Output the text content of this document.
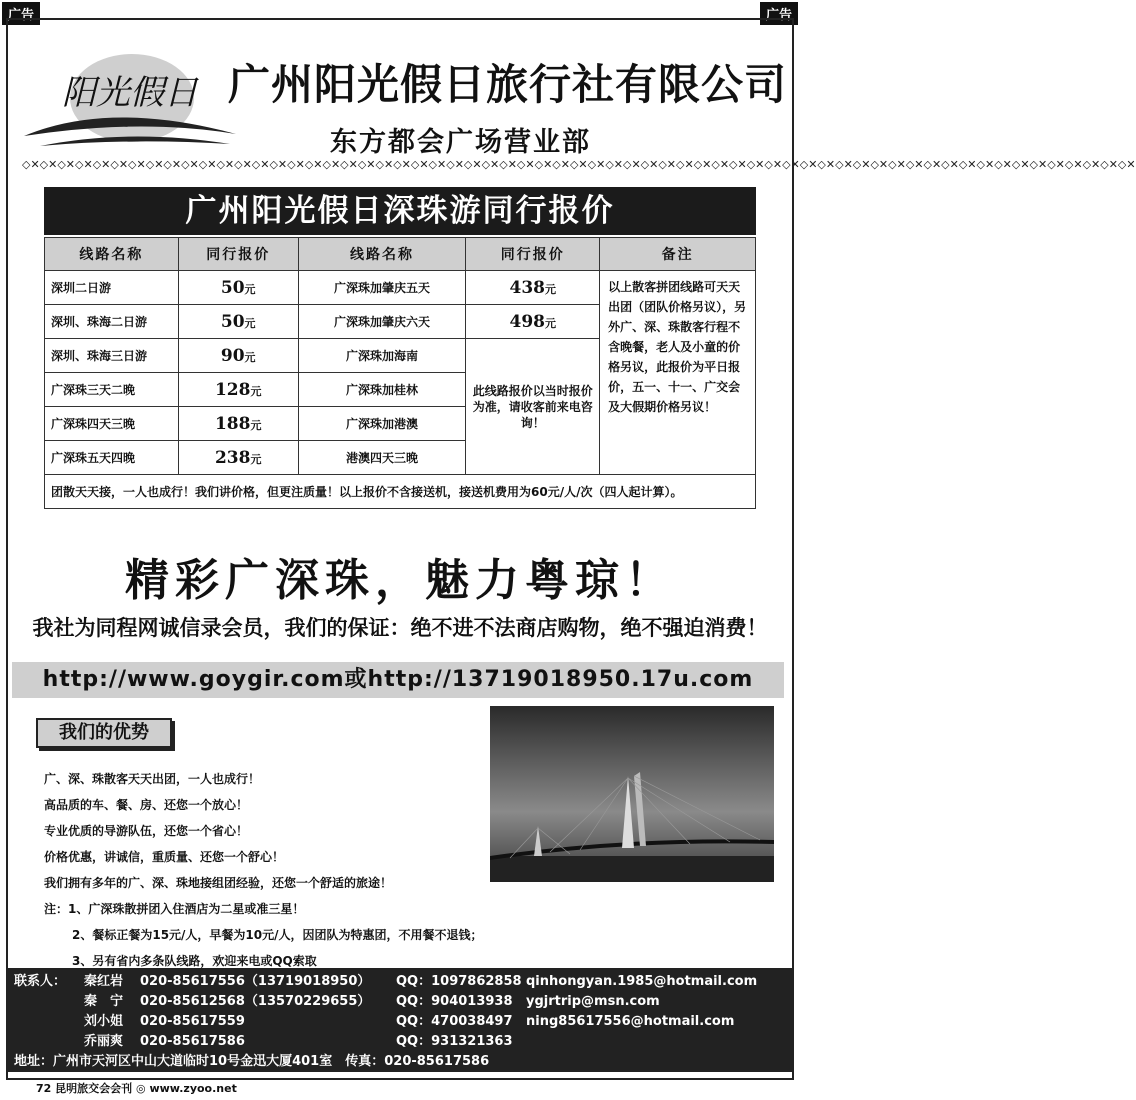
广告	广告
阳光假日 广州阳光假日旅行社有限公司
东方都会广场营业部
◇✕◇✕◇✕◇✕◇✕◇✕◇✕◇✕◇✕◇✕◇✕◇✕◇✕◇✕◇✕◇✕◇✕◇✕◇✕◇✕◇✕◇✕◇✕◇✕◇✕◇✕◇✕◇✕◇✕◇✕◇✕◇✕◇✕◇✕◇✕◇✕◇✕◇✕◇✕◇✕◇✕◇✕◇✕◇✕◇✕◇✕◇✕◇✕◇✕◇✕◇✕◇✕◇✕◇✕◇✕◇✕◇✕◇✕◇✕◇✕◇✕◇✕◇✕
广州阳光假日深珠游同行报价
线路名称	同行报价	线路名称	同行报价	备注
深圳二日游	50元	广深珠加肇庆五天	438元	以上散客拼团线路可天天出团（团队价格另议），另外广、深、珠散客行程不含晚餐，老人及小童的价格另议，此报价为平日报价，五一、十一、广交会及大假期价格另议！
深圳、珠海二日游	50元	广深珠加肇庆六天	498元	
深圳、珠海三日游	90元	广深珠加海南	此线路报价以当时报价为准，请收客前来电咨询！	
广深珠三天二晚	128元	广深珠加桂林		
广深珠四天三晚	188元	广深珠加港澳		
广深珠五天四晚	238元	港澳四天三晚		
团散天天接，一人也成行！我们讲价格，但更注质量！以上报价不含接送机，接送机费用为60元/人/次（四人起计算）。				
精彩广深珠，魅力粤琼！
我社为同程网诚信录会员，我们的保证：绝不进不法商店购物，绝不强迫消费！
http://www.goygir.com或http://13719018950.17u.com
我们的优势
广、深、珠散客天天出团，一人也成行！
高品质的车、餐、房、还您一个放心！
专业优质的导游队伍，还您一个省心！
价格优惠，讲诚信，重质量、还您一个舒心！
我们拥有多年的广、深、珠地接组团经验，还您一个舒适的旅途！
注：1、广深珠散拼团入住酒店为二星或准三星！
2、餐标正餐为15元/人，早餐为10元/人，因团队为特惠团，不用餐不退钱；
3、另有省内多条队线路，欢迎来电或QQ索取
联系人： 秦红岩 020-85617556（13719018950） QQ：1097862858 qinhongyan.1985@hotmail.com
秦　宁 020-85612568（13570229655） QQ：904013938 ygjrtrip@msn.com
刘小姐 020-85617559	QQ：470038497 ning85617556@hotmail.com
乔丽爽 020-85617586	QQ：931321363
地址：广州市天河区中山大道临时10号金迅大厦401室　传真：020-85617586
72 昆明旅交会会刊 ◎ www.zyoo.net
